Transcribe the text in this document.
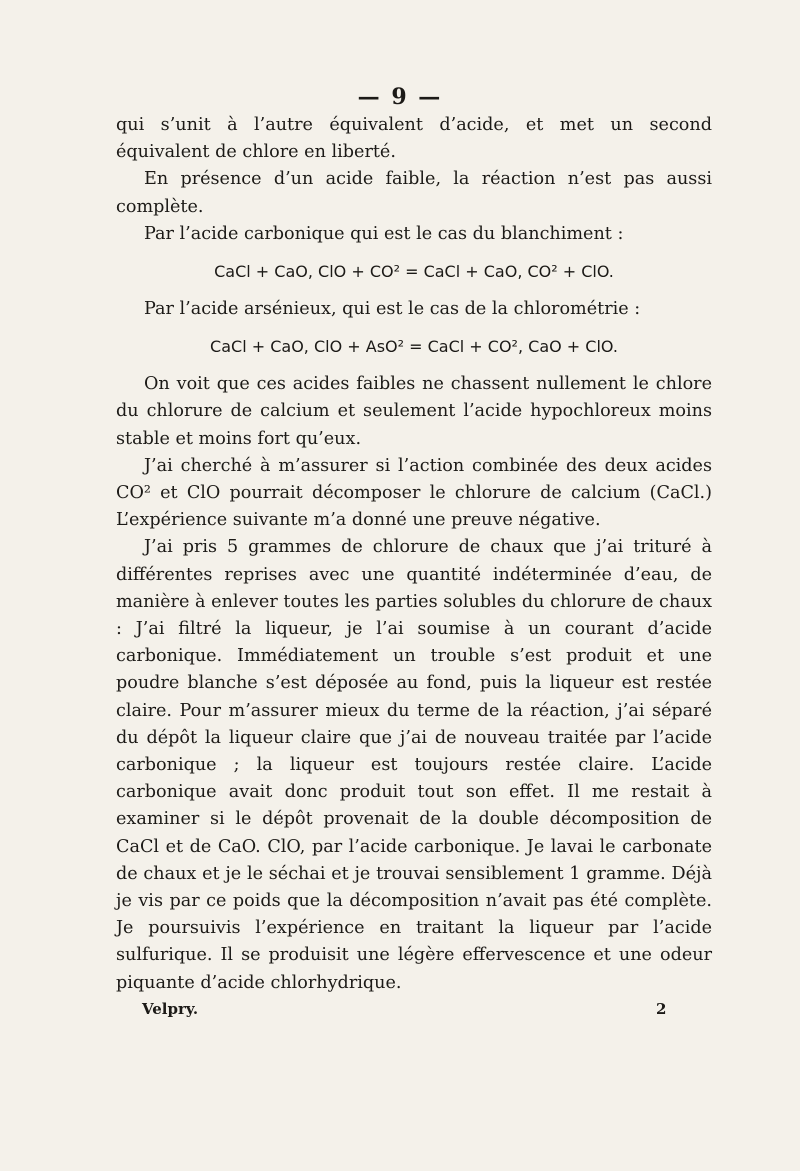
— 9 —

qui s’unit à l’autre équivalent d’acide, et met un second équivalent de chlore en liberté.

En présence d’un acide faible, la réaction n’est pas aussi complète.

Par l’acide carbonique qui est le cas du blanchiment :

CaCl + CaO, ClO + CO² = CaCl + CaO, CO² + ClO.

Par l’acide arsénieux, qui est le cas de la chlorométrie :

CaCl + CaO, ClO + AsO² = CaCl + CO², CaO + ClO.

On voit que ces acides faibles ne chassent nullement le chlore du chlorure de calcium et seulement l’acide hypochloreux moins stable et moins fort qu’eux.

J’ai cherché à m’assurer si l’action combinée des deux acides CO² et ClO pourrait décomposer le chlorure de calcium (CaCl.) L’expérience suivante m’a donné une preuve négative.

J’ai pris 5 grammes de chlorure de chaux que j’ai trituré à différentes reprises avec une quantité indéterminée d’eau, de manière à enlever toutes les parties solubles du chlorure de chaux : J’ai filtré la liqueur, je l’ai soumise à un courant d’acide carbonique. Immédiatement un trouble s’est produit et une poudre blanche s’est déposée au fond, puis la liqueur est restée claire. Pour m’assurer mieux du terme de la réaction, j’ai séparé du dépôt la liqueur claire que j’ai de nouveau traitée par l’acide carbonique ; la liqueur est toujours restée claire. L’acide carbonique avait donc produit tout son effet. Il me restait à examiner si le dépôt provenait de la double décomposition de CaCl et de CaO. ClO, par l’acide carbonique. Je lavai le carbonate de chaux et je le séchai et je trouvai sensiblement 1 gramme. Déjà je vis par ce poids que la décomposition n’avait pas été complète. Je poursuivis l’expérience en traitant la liqueur par l’acide sulfurique. Il se produisit une légère effervescence et une odeur piquante d’acide chlorhydrique.

Velpry.	2
